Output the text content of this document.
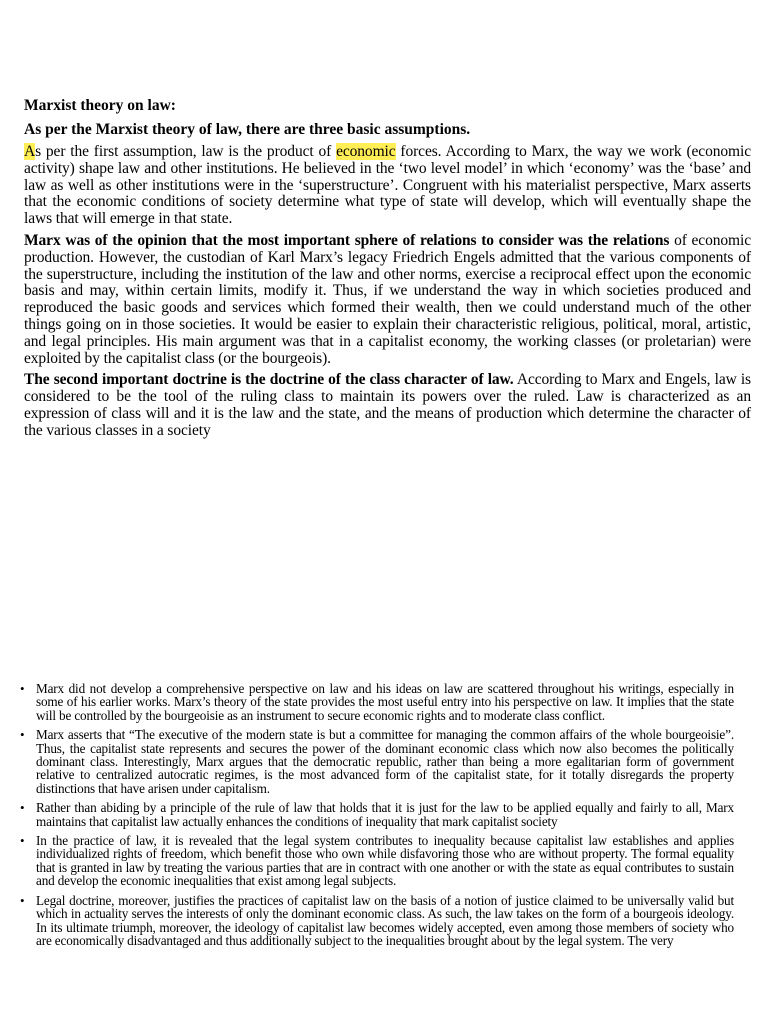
Marxist theory on law:

As per the Marxist theory of law, there are three basic assumptions.

As per the first assumption, law is the product of economic forces. According to Marx, the way we work (economic activity) shape law and other institutions. He believed in the ‘two level model’ in which ‘economy’ was the ‘base’ and law as well as other institutions were in the ‘superstructure’. Congruent with his materialist perspective, Marx asserts that the economic conditions of society determine what type of state will develop, which will eventually shape the laws that will emerge in that state.

Marx was of the opinion that the most important sphere of relations to consider was the relations of economic production. However, the custodian of Karl Marx’s legacy Friedrich Engels admitted that the various components of the superstructure, including the institution of the law and other norms, exercise a reciprocal effect upon the economic basis and may, within certain limits, modify it. Thus, if we understand the way in which societies produced and reproduced the basic goods and services which formed their wealth, then we could understand much of the other things going on in those societies. It would be easier to explain their characteristic religious, political, moral, artistic, and legal principles. His main argument was that in a capitalist economy, the working classes (or proletarian) were exploited by the capitalist class (or the bourgeois).

The second important doctrine is the doctrine of the class character of law. According to Marx and Engels, law is considered to be the tool of the ruling class to maintain its powers over the ruled. Law is characterized as an expression of class will and it is the law and the state, and the means of production which determine the character of the various classes in a society

• Marx did not develop a comprehensive perspective on law and his ideas on law are scattered throughout his writings, especially in some of his earlier works. Marx’s theory of the state provides the most useful entry into his perspective on law. It implies that the state will be controlled by the bourgeoisie as an instrument to secure economic rights and to moderate class conflict.
• Marx asserts that “The executive of the modern state is but a committee for managing the common affairs of the whole bourgeoisie”. Thus, the capitalist state represents and secures the power of the dominant economic class which now also becomes the politically dominant class. Interestingly, Marx argues that the democratic republic, rather than being a more egalitarian form of government relative to centralized autocratic regimes, is the most advanced form of the capitalist state, for it totally disregards the property distinctions that have arisen under capitalism.
• Rather than abiding by a principle of the rule of law that holds that it is just for the law to be applied equally and fairly to all, Marx maintains that capitalist law actually enhances the conditions of inequality that mark capitalist society
• In the practice of law, it is revealed that the legal system contributes to inequality because capitalist law establishes and applies individualized rights of freedom, which benefit those who own while disfavoring those who are without property. The formal equality that is granted in law by treating the various parties that are in contract with one another or with the state as equal contributes to sustain and develop the economic inequalities that exist among legal subjects.
• Legal doctrine, moreover, justifies the practices of capitalist law on the basis of a notion of justice claimed to be universally valid but which in actuality serves the interests of only the dominant economic class. As such, the law takes on the form of a bourgeois ideology. In its ultimate triumph, moreover, the ideology of capitalist law becomes widely accepted, even among those members of society who are economically disadvantaged and thus additionally subject to the inequalities brought about by the legal system. The very
